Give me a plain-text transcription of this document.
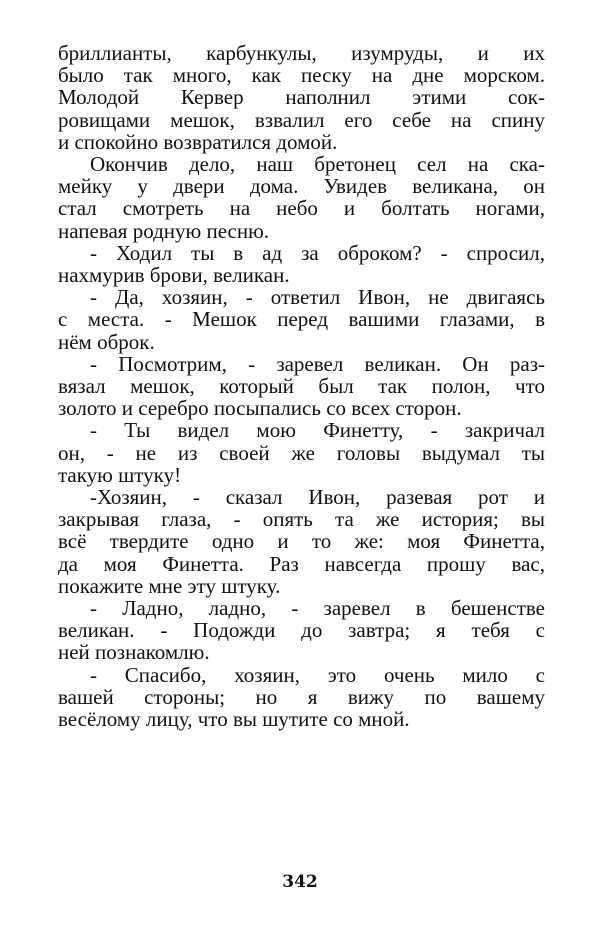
бриллианты, карбункулы, изумруды, и их
было так много, как песку на дне морском.
Молодой Кервер наполнил этими сок-
ровищами мешок, взвалил его себе на спину
и спокойно возвратился домой.
Окончив дело, наш бретонец сел на ска-
мейку у двери дома. Увидев великана, он
стал смотреть на небо и болтать ногами,
напевая родную песню.
- Ходил ты в ад за оброком? - спросил,
нахмурив брови, великан.
- Да, хозяин, - ответил Ивон, не двигаясь
с места. - Мешок перед вашими глазами, в
нём оброк.
- Посмотрим, - заревел великан. Он раз-
вязал мешок, который был так полон, что
золото и серебро посыпались со всех сторон.
- Ты видел мою Финетту, - закричал
он, - не из своей же головы выдумал ты
такую штуку!
-Хозяин, - сказал Ивон, разевая рот и
закрывая глаза, - опять та же история; вы
всё твердите одно и то же: моя Финетта,
да моя Финетта. Раз навсегда прошу вас,
покажите мне эту штуку.
- Ладно, ладно, - заревел в бешенстве
великан. - Подожди до завтра; я тебя с
ней познакомлю.
- Спасибо, хозяин, это очень мило с
вашей стороны; но я вижу по вашему
весёлому лицу, что вы шутите со мной.
342
